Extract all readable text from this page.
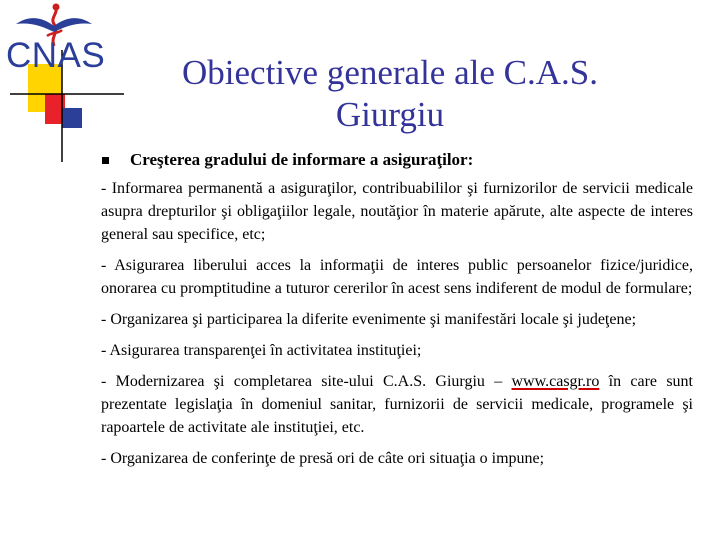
CNAS	Obiective generale ale C.A.S. Giurgiu
Creşterea gradului de informare a asiguraţilor:

- Informarea permanentă a asiguraţilor, contribuabililor şi furnizorilor de servicii medicale asupra drepturilor şi obligaţiilor legale, noutăţior în materie apărute, alte aspecte de interes general sau specifice, etc;

- Asigurarea liberului acces la informaţii de interes public persoanelor fizice/juridice, onorarea cu promptitudine a tuturor cererilor în acest sens indiferent de modul de formulare;

- Organizarea şi participarea la diferite evenimente şi manifestări locale şi judeţene;

- Asigurarea transparenţei în activitatea instituţiei;

- Modernizarea şi completarea site-ului C.A.S. Giurgiu – www.casgr.ro în care sunt prezentate legislaţia în domeniul sanitar, furnizorii de servicii medicale, programele şi rapoartele de activitate ale instituţiei, etc.

- Organizarea de conferinţe de presă ori de câte ori situaţia o impune;
